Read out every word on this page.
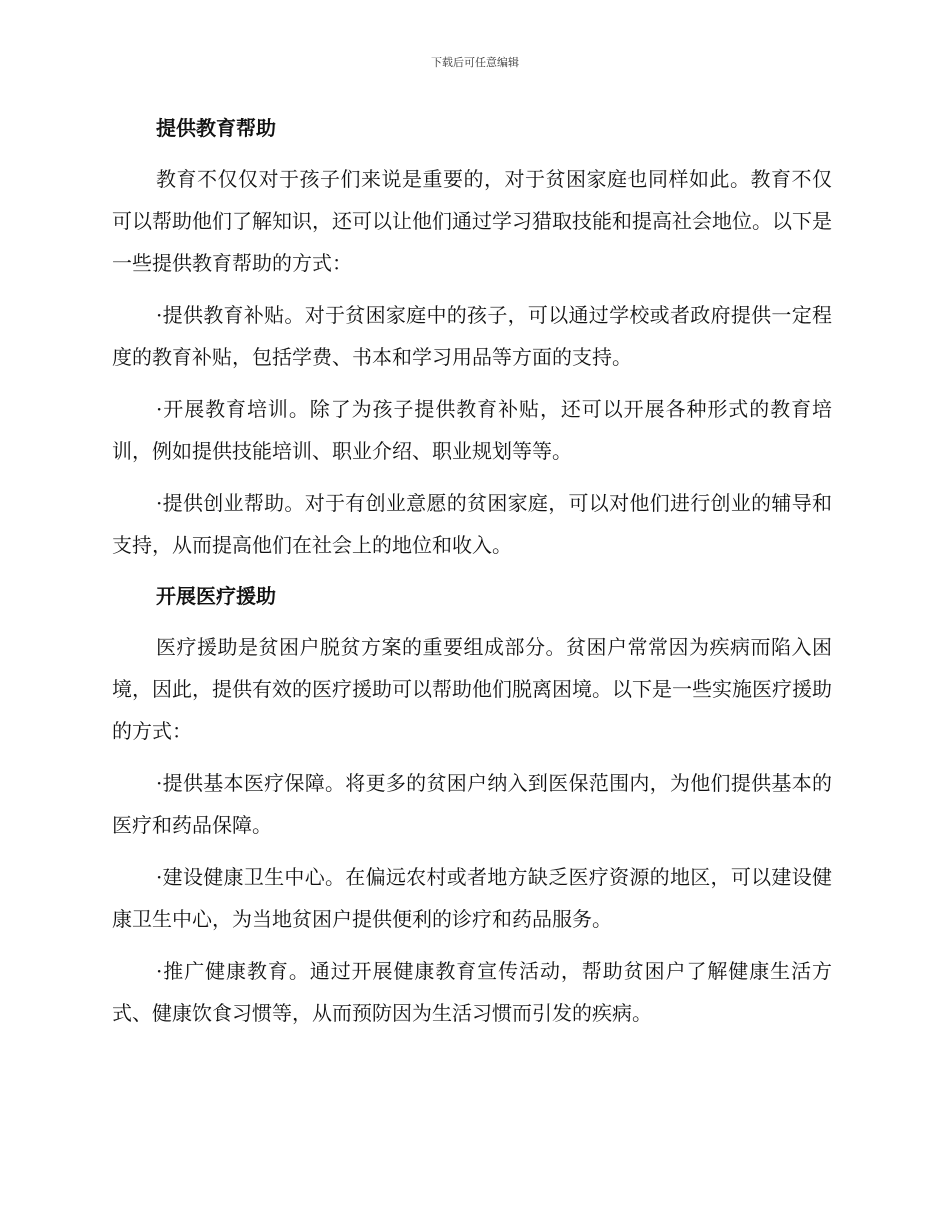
下载后可任意编辑
提供教育帮助

教育不仅仅对于孩子们来说是重要的，对于贫困家庭也同样如此。教育不仅可以帮助他们了解知识，还可以让他们通过学习猎取技能和提高社会地位。以下是一些提供教育帮助的方式：

·提供教育补贴。对于贫困家庭中的孩子，可以通过学校或者政府提供一定程度的教育补贴，包括学费、书本和学习用品等方面的支持。

·开展教育培训。除了为孩子提供教育补贴，还可以开展各种形式的教育培训，例如提供技能培训、职业介绍、职业规划等等。

·提供创业帮助。对于有创业意愿的贫困家庭，可以对他们进行创业的辅导和支持，从而提高他们在社会上的地位和收入。

开展医疗援助

医疗援助是贫困户脱贫方案的重要组成部分。贫困户常常因为疾病而陷入困境，因此，提供有效的医疗援助可以帮助他们脱离困境。以下是一些实施医疗援助的方式：

·提供基本医疗保障。将更多的贫困户纳入到医保范围内，为他们提供基本的医疗和药品保障。

·建设健康卫生中心。在偏远农村或者地方缺乏医疗资源的地区，可以建设健康卫生中心，为当地贫困户提供便利的诊疗和药品服务。

·推广健康教育。通过开展健康教育宣传活动，帮助贫困户了解健康生活方式、健康饮食习惯等，从而预防因为生活习惯而引发的疾病。
